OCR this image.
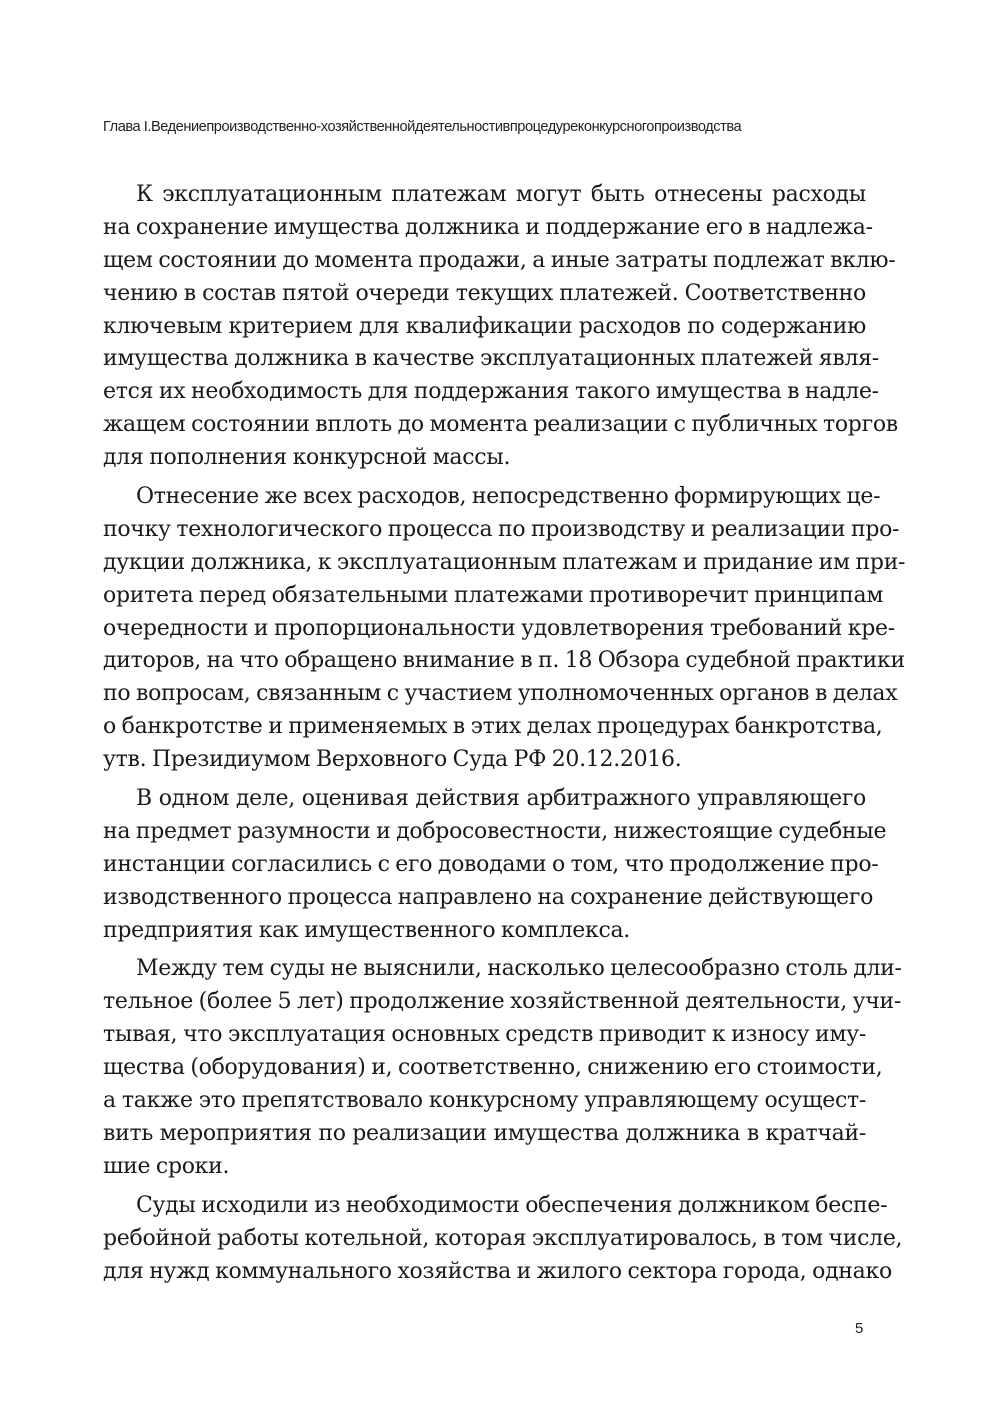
Глава I.Ведениепроизводственно-хозяйственнойдеятельностивпроцедуреконкурсногопроизводства
К эксплуатационным платежам могут быть отнесены расходы
на сохранение имущества должника и поддержание его в надлежа-
щем состоянии до момента продажи, а иные затраты подлежат вклю-
чению в состав пятой очереди текущих платежей. Соответственно
ключевым критерием для квалификации расходов по содержанию
имущества должника в качестве эксплуатационных платежей явля-
ется их необходимость для поддержания такого имущества в надле-
жащем состоянии вплоть до момента реализации с публичных торгов
для пополнения конкурсной массы.
Отнесение же всех расходов, непосредственно формирующих це-
почку технологического процесса по производству и реализации про-
дукции должника, к эксплуатационным платежам и придание им при-
оритета перед обязательными платежами противоречит принципам
очередности и пропорциональности удовлетворения требований кре-
диторов, на что обращено внимание в п. 18 Обзора судебной практики
по вопросам, связанным с участием уполномоченных органов в делах
о банкротстве и применяемых в этих делах процедурах банкротства,
утв. Президиумом Верховного Суда РФ 20.12.2016.
В одном деле, оценивая действия арбитражного управляющего
на предмет разумности и добросовестности, нижестоящие судебные
инстанции согласились с его доводами о том, что продолжение про-
изводственного процесса направлено на сохранение действующего
предприятия как имущественного комплекса.
Между тем суды не выяснили, насколько целесообразно столь дли-
тельное (более 5 лет) продолжение хозяйственной деятельности, учи-
тывая, что эксплуатация основных средств приводит к износу иму-
щества (оборудования) и, соответственно, снижению его стоимости,
а также это препятствовало конкурсному управляющему осущест-
вить мероприятия по реализации имущества должника в кратчай-
шие сроки.
Суды исходили из необходимости обеспечения должником беспе-
ребойной работы котельной, которая эксплуатировалось, в том числе,
для нужд коммунального хозяйства и жилого сектора города, однако
5
